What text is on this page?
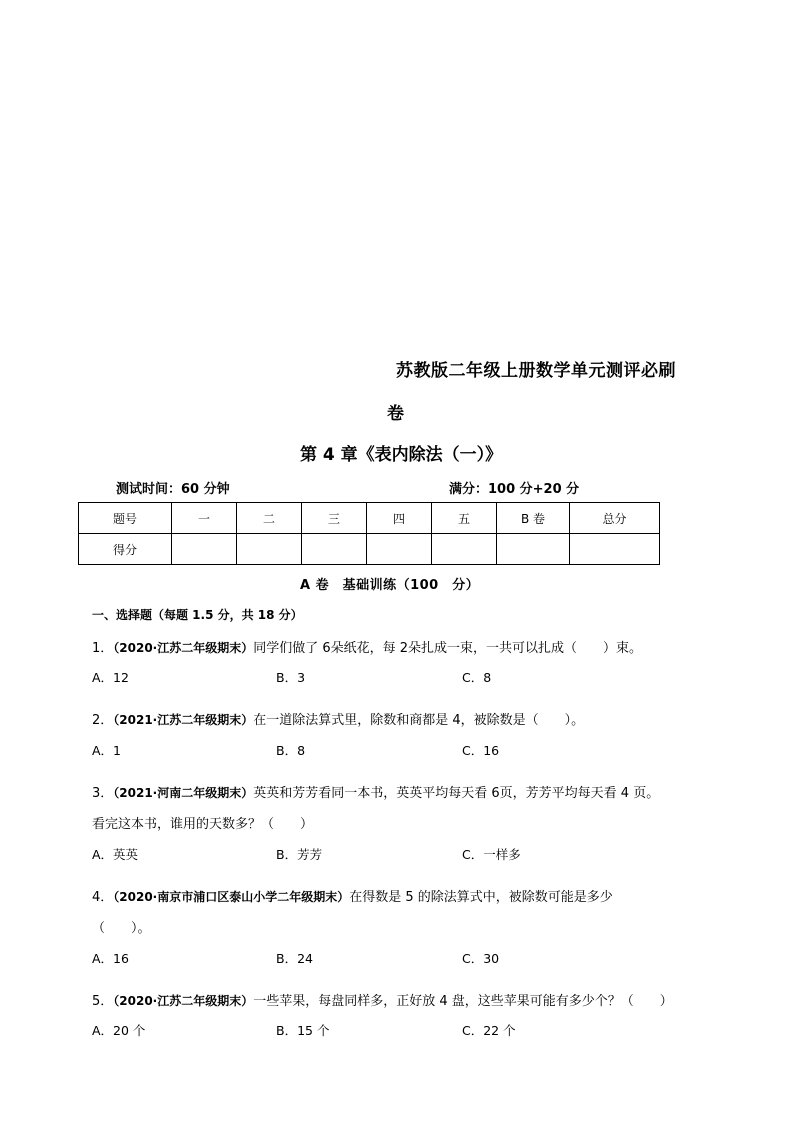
苏教版二年级上册数学单元测评必刷
卷
第 4 章《表内除法（一）》
测试时间：60 分钟	满分：100 分+20 分
题号	一	二	三	四	五	B 卷	总分
得分							
A 卷　基础训练（100　分）
一、选择题（每题 1.5 分，共 18 分）
1．（2020·江苏二年级期末）同学们做了 6朵纸花，每 2朵扎成一束，一共可以扎成（　　）束。
A．12	B．3	C．8
2．（2021·江苏二年级期末）在一道除法算式里，除数和商都是 4，被除数是（　　）。
A．1	B．8	C．16
3．（2021·河南二年级期末）英英和芳芳看同一本书，英英平均每天看 6页，芳芳平均每天看 4 页。
看完这本书，谁用的天数多？（　　）
A．英英	B．芳芳	C．一样多
4．（2020·南京市浦口区泰山小学二年级期末）在得数是 5 的除法算式中，被除数可能是多少
（　　）。
A．16	B．24	C．30
5．（2020·江苏二年级期末）一些苹果，每盘同样多，正好放 4 盘，这些苹果可能有多少个？（　　）
A．20 个	B．15 个	C．22 个
